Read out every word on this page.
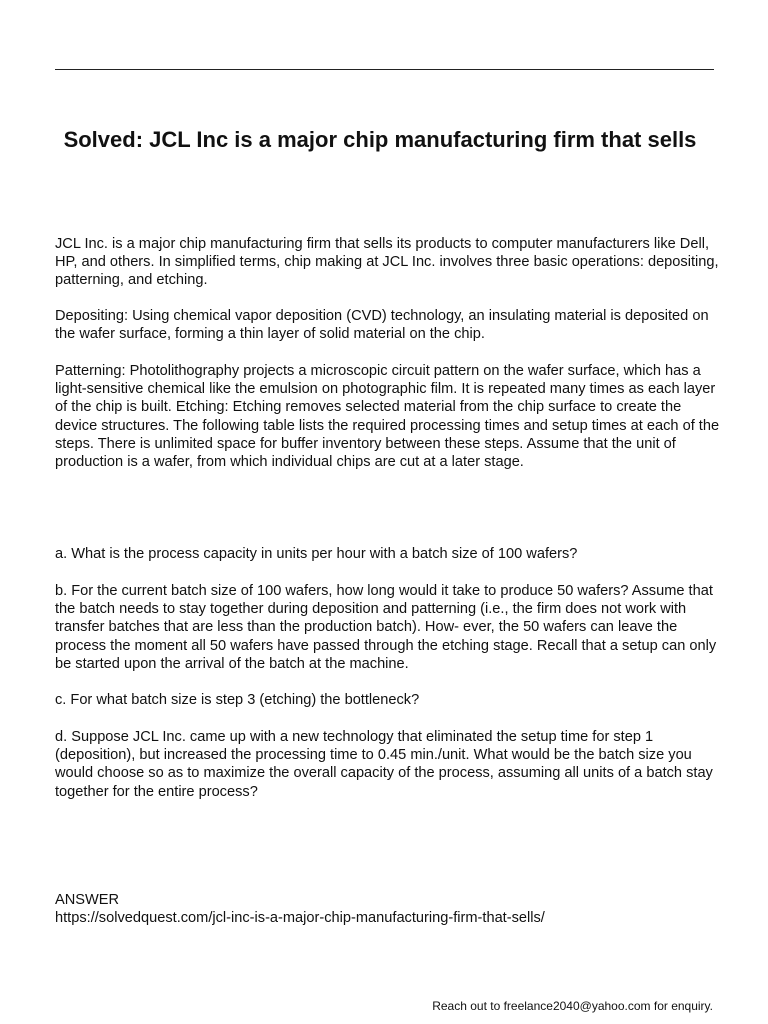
Solved: JCL Inc is a major chip manufacturing firm that sells

JCL Inc. is a major chip manufacturing firm that sells its products to computer manufacturers like Dell, HP, and others. In simplified terms, chip making at JCL Inc. involves three basic operations: depositing, patterning, and etching.

Depositing: Using chemical vapor deposition (CVD) technology, an insulating material is deposited on the wafer surface, forming a thin layer of solid material on the chip.

Patterning: Photolithography projects a microscopic circuit pattern on the wafer surface, which has a light-sensitive chemical like the emulsion on photographic film. It is repeated many times as each layer of the chip is built. Etching: Etching removes selected material from the chip surface to create the device structures. The following table lists the required processing times and setup times at each of the steps. There is unlimited space for buffer inventory between these steps. Assume that the unit of production is a wafer, from which individual chips are cut at a later stage.

a. What is the process capacity in units per hour with a batch size of 100 wafers?

b. For the current batch size of 100 wafers, how long would it take to produce 50 wafers? Assume that the batch needs to stay together during deposition and patterning (i.e., the firm does not work with transfer batches that are less than the production batch). How- ever, the 50 wafers can leave the process the moment all 50 wafers have passed through the etching stage. Recall that a setup can only be started upon the arrival of the batch at the machine.

c. For what batch size is step 3 (etching) the bottleneck?

d. Suppose JCL Inc. came up with a new technology that eliminated the setup time for step 1 (deposition), but increased the processing time to 0.45 min./unit. What would be the batch size you would choose so as to maximize the overall capacity of the process, assuming all units of a batch stay together for the entire process?

ANSWER

https://solvedquest.com/jcl-inc-is-a-major-chip-manufacturing-firm-that-sells/

Reach out to freelance2040@yahoo.com for enquiry.
